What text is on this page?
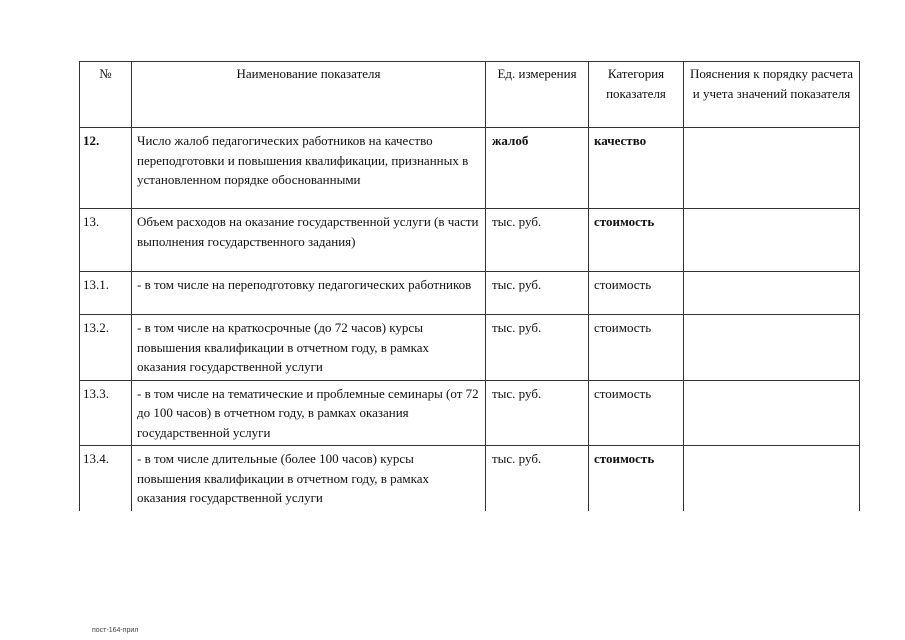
№	Наименование показателя	Ед. измерения	Категория показателя	Пояснения к порядку расчета и учета значений показателя
12.	Число жалоб педагогических работников на качество переподготовки и повышения квалификации, признанных в установленном порядке обоснованными	жалоб	качество	
13.	Объем расходов на оказание государственной услуги (в части выполнения государственного задания)	тыс. руб.	стоимость	
13.1.	- в том числе на переподготовку педагогических работников	тыс. руб.	стоимость	
13.2.	- в том числе на краткосрочные (до 72 часов) курсы повышения квалификации в отчетном году, в рамках оказания государственной услуги	тыс. руб.	стоимость	
13.3.	- в том числе на тематические и проблемные семинары (от 72 до 100 часов) в отчетном году, в рамках оказания государственной услуги	тыс. руб.	стоимость	
13.4.	- в том числе длительные (более 100 часов) курсы повышения квалификации в отчетном году, в рамках оказания государственной услуги	тыс. руб.	стоимость	
пост-164-прил
